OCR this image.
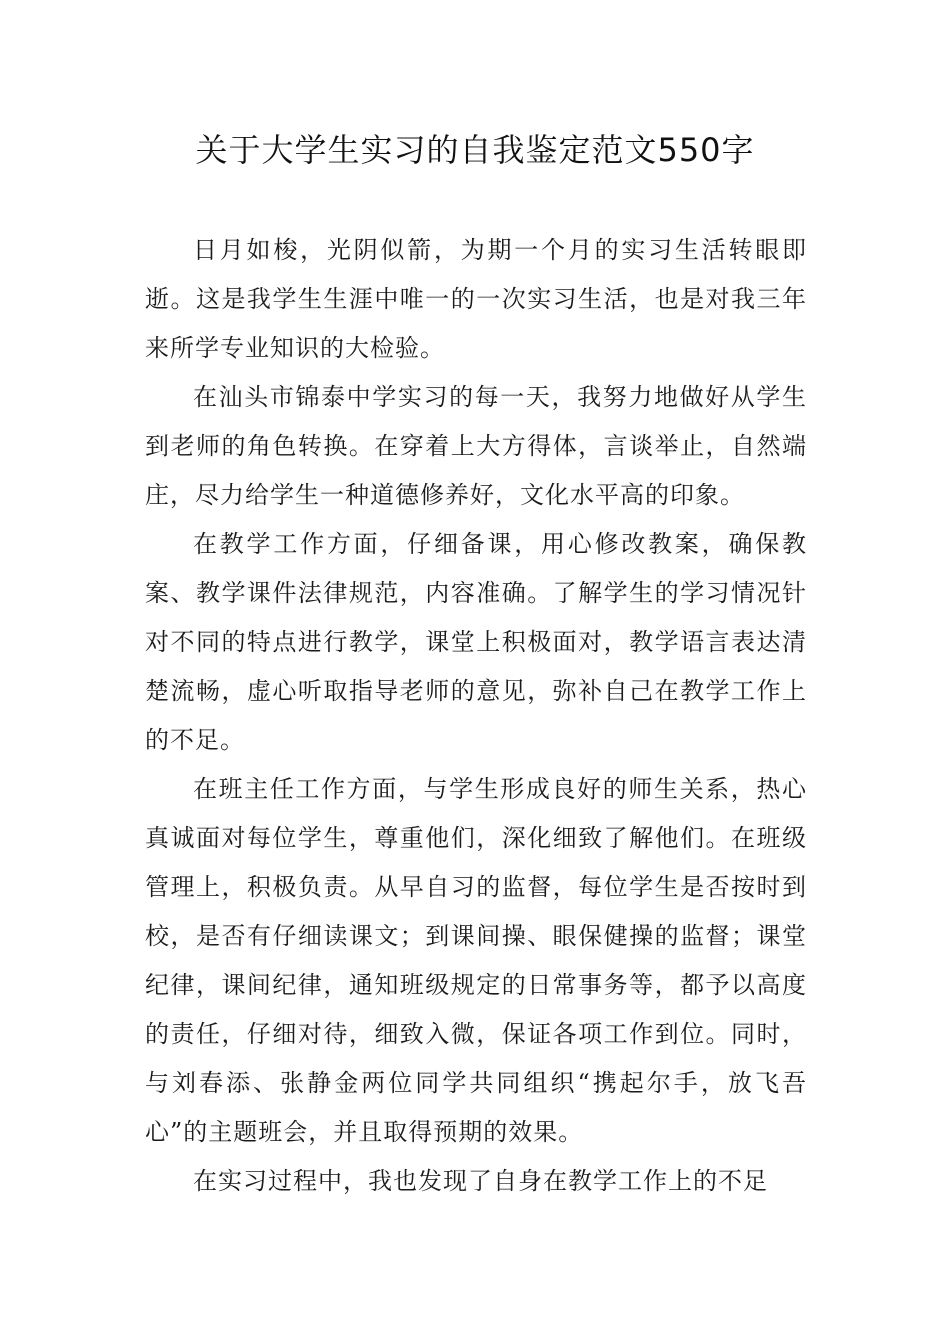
关于大学生实习的自我鉴定范文550字

日月如梭，光阴似箭，为期一个月的实习生活转眼即逝。这是我学生生涯中唯一的一次实习生活，也是对我三年来所学专业知识的大检验。

在汕头市锦泰中学实习的每一天，我努力地做好从学生到老师的角色转换。在穿着上大方得体，言谈举止，自然端庄，尽力给学生一种道德修养好，文化水平高的印象。

在教学工作方面，仔细备课，用心修改教案，确保教案、教学课件法律规范，内容准确。了解学生的学习情况针对不同的特点进行教学，课堂上积极面对，教学语言表达清楚流畅，虚心听取指导老师的意见，弥补自己在教学工作上的不足。

在班主任工作方面，与学生形成良好的师生关系，热心真诚面对每位学生，尊重他们，深化细致了解他们。在班级管理上，积极负责。从早自习的监督，每位学生是否按时到校，是否有仔细读课文；到课间操、眼保健操的监督；课堂纪律，课间纪律，通知班级规定的日常事务等，都予以高度的责任，仔细对待，细致入微，保证各项工作到位。同时，与刘春添、张静金两位同学共同组织“携起尔手，放飞吾心”的主题班会，并且取得预期的效果。

在实习过程中，我也发现了自身在教学工作上的不足
